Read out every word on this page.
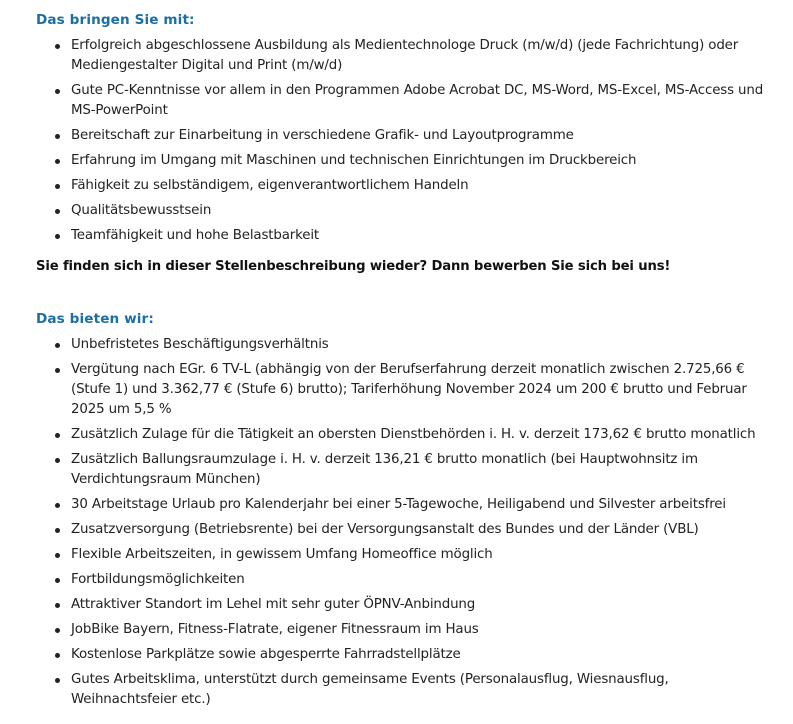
Das bringen Sie mit:
Erfolgreich abgeschlossene Ausbildung als Medientechnologe Druck (m/w/d) (jede Fachrichtung) oder Mediengestalter Digital und Print (m/w/d)
Gute PC-Kenntnisse vor allem in den Programmen Adobe Acrobat DC, MS-Word, MS-Excel, MS-Access und MS-PowerPoint
Bereitschaft zur Einarbeitung in verschiedene Grafik- und Layoutprogramme
Erfahrung im Umgang mit Maschinen und technischen Einrichtungen im Druckbereich
Fähigkeit zu selbständigem, eigenverantwortlichem Handeln
Qualitätsbewusstsein
Teamfähigkeit und hohe Belastbarkeit

Sie finden sich in dieser Stellenbeschreibung wieder? Dann bewerben Sie sich bei uns!

Das bieten wir:
Unbefristetes Beschäftigungsverhältnis
Vergütung nach EGr. 6 TV-L (abhängig von der Berufserfahrung derzeit monatlich zwischen 2.725,66 € (Stufe 1) und 3.362,77 € (Stufe 6) brutto); Tariferhöhung November 2024 um 200 € brutto und Februar 2025 um 5,5 %
Zusätzlich Zulage für die Tätigkeit an obersten Dienstbehörden i. H. v. derzeit 173,62 € brutto monatlich
Zusätzlich Ballungsraumzulage i. H. v. derzeit 136,21 € brutto monatlich (bei Hauptwohnsitz im Verdichtungsraum München)
30 Arbeitstage Urlaub pro Kalenderjahr bei einer 5-Tagewoche, Heiligabend und Silvester arbeitsfrei
Zusatzversorgung (Betriebsrente) bei der Versorgungsanstalt des Bundes und der Länder (VBL)
Flexible Arbeitszeiten, in gewissem Umfang Homeoffice möglich
Fortbildungsmöglichkeiten
Attraktiver Standort im Lehel mit sehr guter ÖPNV-Anbindung
JobBike Bayern, Fitness-Flatrate, eigener Fitnessraum im Haus
Kostenlose Parkplätze sowie abgesperrte Fahrradstellplätze
Gutes Arbeitsklima, unterstützt durch gemeinsame Events (Personalausflug, Wiesnausflug, Weihnachtsfeier etc.)
